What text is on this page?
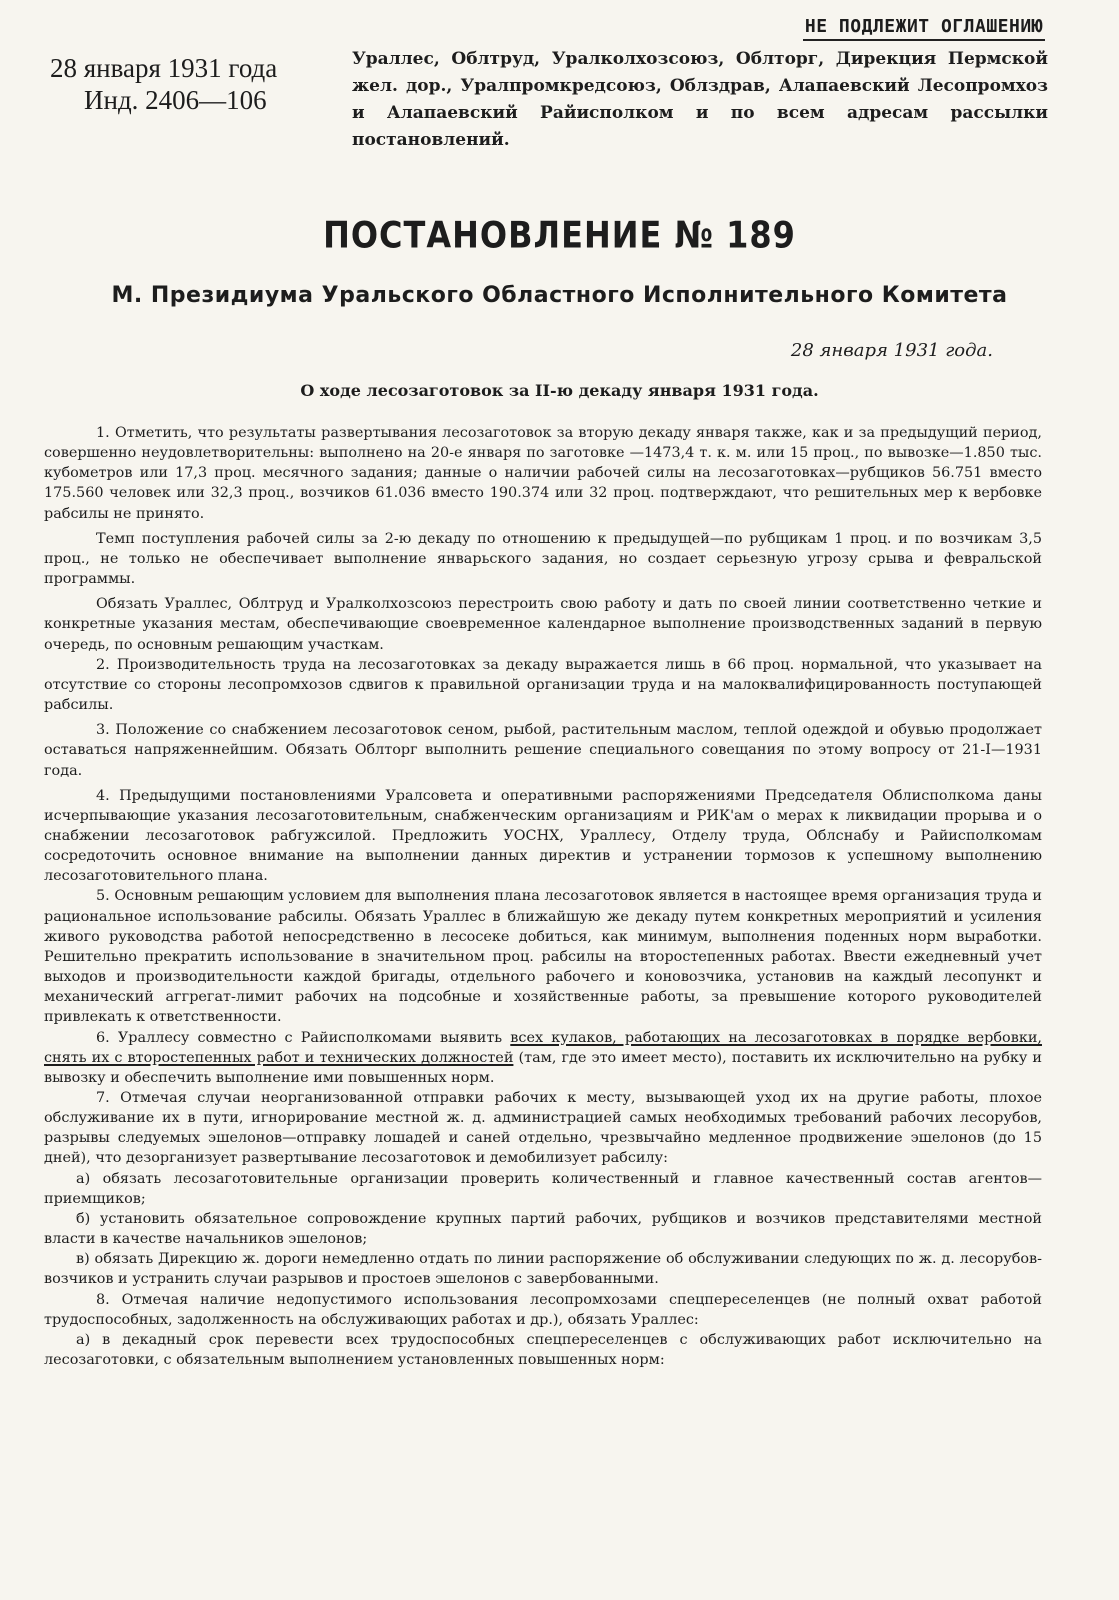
НЕ ПОДЛЕЖИТ ОГЛАШЕНИЮ
28 января 1931 года
Инд. 2406—106
Ураллес, Облтруд, Уралколхозсоюз, Облторг, Дирекция Пермской жел. дор., Уралпромкредсоюз, Облздрав, Алапаевский Лесопромхоз и Алапаевский Райисполком и по всем адресам рассылки постановлений.
ПОСТАНОВЛЕНИЕ № 189
М. Президиума Уральского Областного Исполнительного Комитета
28 января 1931 года.
О ходе лесозаготовок за II-ю декаду января 1931 года.

1. Отметить, что результаты развертывания лесозаготовок за вторую декаду января также, как и за предыдущий период, совершенно неудовлетворительны: выполнено на 20-е января по заготовке —1473,4 т. к. м. или 15 проц., по вывозке—1.850 тыс. кубометров или 17,3 проц. месячного задания; данные о наличии рабочей силы на лесозаготовках—рубщиков 56.751 вместо 175.560 человек или 32,3 проц., возчиков 61.036 вместо 190.374 или 32 проц. подтверждают, что решительных мер к вербовке рабсилы не принято.

Темп поступления рабочей силы за 2-ю декаду по отношению к предыдущей—по рубщикам 1 проц. и по возчикам 3,5 проц., не только не обеспечивает выполнение январьского задания, но создает серьезную угрозу срыва и февральской программы.

Обязать Ураллес, Облтруд и Уралколхозсоюз перестроить свою работу и дать по своей линии соответственно четкие и конкретные указания местам, обеспечивающие своевременное календарное выполнение производственных заданий в первую очередь, по основным решающим участкам.

2. Производительность труда на лесозаготовках за декаду выражается лишь в 66 проц. нормальной, что указывает на отсутствие со стороны лесопромхозов сдвигов к правильной организации труда и на малоквалифицированность поступающей рабсилы.

3. Положение со снабжением лесозаготовок сеном, рыбой, растительным маслом, теплой одеждой и обувью продолжает оставаться напряженнейшим. Обязать Облторг выполнить решение специального совещания по этому вопросу от 21-I—1931 года.

4. Предыдущими постановлениями Уралсовета и оперативными распоряжениями Председателя Облисполкома даны исчерпывающие указания лесозаготовительным, снабженческим организациям и РИК'ам о мерах к ликвидации прорыва и о снабжении лесозаготовок рабгужсилой. Предложить УОСНХ, Ураллесу, Отделу труда, Облснабу и Райисполкомам сосредоточить основное внимание на выполнении данных директив и устранении тормозов к успешному выполнению лесозаготовительного плана.

5. Основным решающим условием для выполнения плана лесозаготовок является в настоящее время организация труда и рациональное использование рабсилы. Обязать Ураллес в ближайшую же декаду путем конкретных мероприятий и усиления живого руководства работой непосредственно в лесосеке добиться, как минимум, выполнения поденных норм выработки. Решительно прекратить использование в значительном проц. рабсилы на второстепенных работах. Ввести ежедневный учет выходов и производительности каждой бригады, отдельного рабочего и коновозчика, установив на каждый лесопункт и механический аггрегат-лимит рабочих на подсобные и хозяйственные работы, за превышение которого руководителей привлекать к ответственности.

6. Ураллесу совместно с Райисполкомами выявить всех кулаков, работающих на лесозаготовках в порядке вербовки, снять их с второстепенных работ и технических должностей (там, где это имеет место), поставить их исключительно на рубку и вывозку и обеспечить выполнение ими повышенных норм.

7. Отмечая случаи неорганизованной отправки рабочих к месту, вызывающей уход их на другие работы, плохое обслуживание их в пути, игнорирование местной ж. д. администрацией самых необходимых требований рабочих лесорубов, разрывы следуемых эшелонов—отправку лошадей и саней отдельно, чрезвычайно медленное продвижение эшелонов (до 15 дней), что дезорганизует развертывание лесозаготовок и демобилизует рабсилу:

а) обязать лесозаготовительные организации проверить количественный и главное качественный состав агентов—приемщиков;

б) установить обязательное сопровождение крупных партий рабочих, рубщиков и возчиков представителями местной власти в качестве начальников эшелонов;

в) обязать Дирекцию ж. дороги немедленно отдать по линии распоряжение об обслуживании следующих по ж. д. лесорубов-возчиков и устранить случаи разрывов и простоев эшелонов с завербованными.

8. Отмечая наличие недопустимого использования лесопромхозами спецпереселенцев (не полный охват работой трудоспособных, задолженность на обслуживающих работах и др.), обязать Ураллес:

а) в декадный срок перевести всех трудоспособных спецпереселенцев с обслуживающих работ исключительно на лесозаготовки, с обязательным выполнением установленных повышенных норм:
